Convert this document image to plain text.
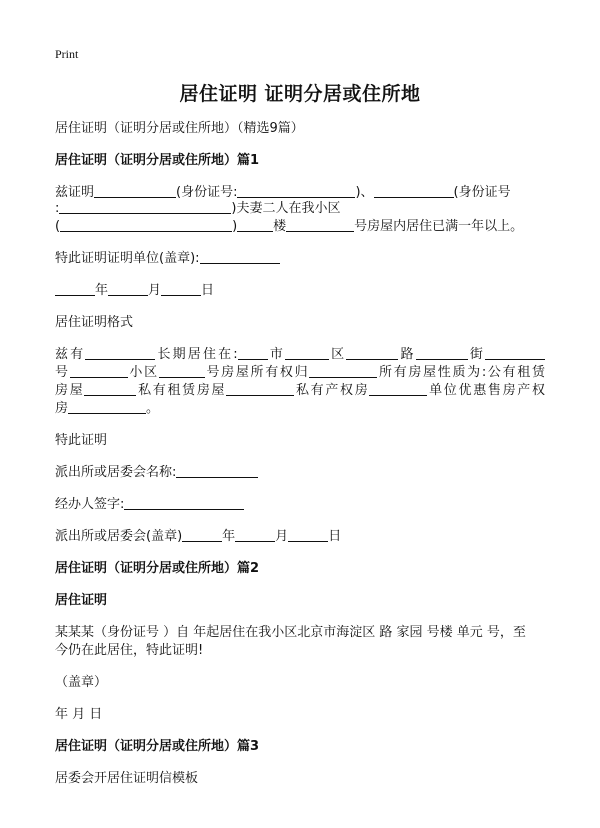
Print
居住证明 证明分居或住所地
居住证明（证明分居或住所地）（精选9篇）
居住证明（证明分居或住所地）篇1
兹证明	(身份证号:	)、	(身份证号
:	)夫妻二人在我小区
(	)	楼	号房屋内居住已满一年以上。
特此证明证明单位(盖章):
年	月	日
居住证明格式
兹有	长期居住在: 市	区	路	街
号	小区	号房屋所有权归	所有房屋性质为:公有租赁
房屋	私有租赁房屋	私有产权房	单位优惠售房产权
房	。
特此证明
派出所或居委会名称:
经办人签字:
派出所或居委会(盖章)	年	月	日
居住证明（证明分居或住所地）篇2
居住证明
某某某（身份证号 ）自 年起居住在我小区北京市海淀区 路 家园 号楼 单元 号，至
今仍在此居住，特此证明!
（盖章）
年 月 日
居住证明（证明分居或住所地）篇3
居委会开居住证明信模板
